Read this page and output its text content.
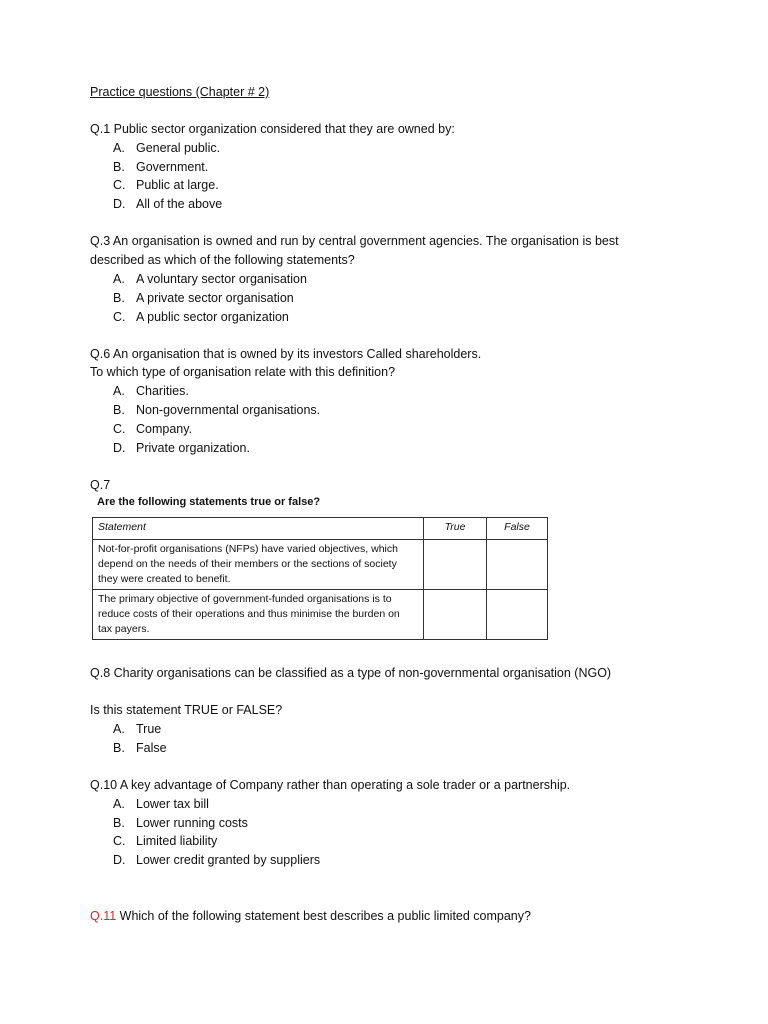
Practice questions (Chapter # 2)
Q.1 Public sector organization considered that they are owned by:
A. General public.
B. Government.
C. Public at large.
D. All of the above
Q.3 An organisation is owned and run by central government agencies. The organisation is best
described as which of the following statements?
A. A voluntary sector organisation
B. A private sector organisation
C. A public sector organization
Q.6 An organisation that is owned by its investors Called shareholders.
To which type of organisation relate with this definition?
A. Charities.
B. Non-governmental organisations.
C. Company.
D. Private organization.
Q.7
Are the following statements true or false?
Statement	True	False

Not-for-profit organisations (NFPs) have varied objectives, which
depend on the needs of their members or the sections of society
they were created to benefit.		

The primary objective of government-funded organisations is to
reduce costs of their operations and thus minimise the burden on
tax payers.		

Q.8 Charity organisations can be classified as a type of non-governmental organisation (NGO)
Is this statement TRUE or FALSE?
A. True
B. False
Q.10 A key advantage of Company rather than operating a sole trader or a partnership.
A. Lower tax bill
B. Lower running costs
C. Limited liability
D. Lower credit granted by suppliers
Q.11 Which of the following statement best describes a public limited company?
